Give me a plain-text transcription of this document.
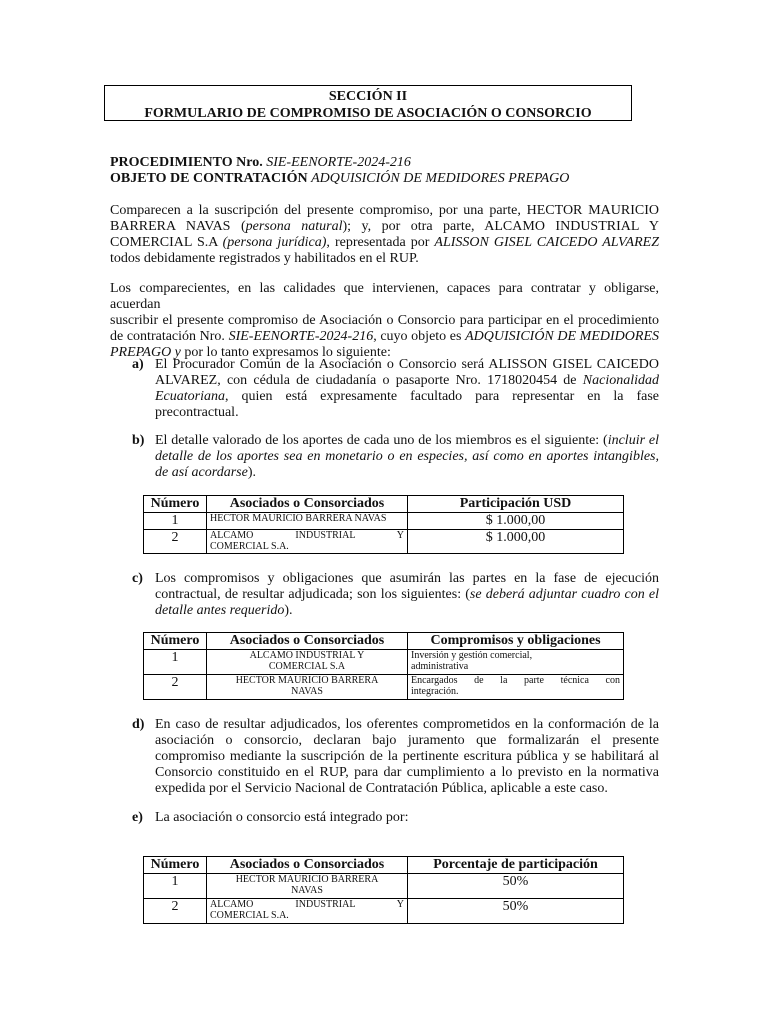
SECCIÓN II
FORMULARIO DE COMPROMISO DE ASOCIACIÓN O CONSORCIO
PROCEDIMIENTO Nro. SIE-EENORTE-2024-216
OBJETO DE CONTRATACIÓN ADQUISICIÓN DE MEDIDORES PREPAGO
Comparecen a la suscripción del presente compromiso, por una parte, HECTOR MAURICIO
BARRERA NAVAS (persona natural); y, por otra parte, ALCAMO INDUSTRIAL Y
COMERCIAL S.A (persona jurídica), representada por ALISSON GISEL CAICEDO ALVAREZ
todos debidamente registrados y habilitados en el RUP.
Los comparecientes, en las calidades que intervienen, capaces para contratar y obligarse, acuerdan
suscribir el presente compromiso de Asociación o Consorcio para participar en el procedimiento
de contratación Nro. SIE-EENORTE-2024-216, cuyo objeto es ADQUISICIÓN DE MEDIDORES
PREPAGO y por lo tanto expresamos lo siguiente:
a) El Procurador Común de la Asociación o Consorcio será ALISSON GISEL CAICEDO
ALVAREZ, con cédula de ciudadanía o pasaporte Nro. 1718020454 de Nacionalidad
Ecuatoriana, quien está expresamente facultado para representar en la fase
precontractual.
b) El detalle valorado de los aportes de cada uno de los miembros es el siguiente: (incluir el
detalle de los aportes sea en monetario o en especies, así como en aportes intangibles,
de así acordarse).
Número	Asociados o Consorciados	Participación USD
1	HECTOR MAURICIO BARRERA NAVAS	$ 1.000,00
2	ALCAMO INDUSTRIAL Y
COMERCIAL S.A.	$ 1.000,00
c) Los compromisos y obligaciones que asumirán las partes en la fase de ejecución
contractual, de resultar adjudicada; son los siguientes: (se deberá adjuntar cuadro con el
detalle antes requerido).
Número	Asociados o Consorciados	Compromisos y obligaciones
1	ALCAMO INDUSTRIAL Y
COMERCIAL S.A	Inversión y gestión comercial,
administrativa

2	HECTOR MAURICIO BARRERA
NAVAS	Encargados de la parte técnica con
integración.
d) En caso de resultar adjudicados, los oferentes comprometidos en la conformación de la
asociación o consorcio, declaran bajo juramento que formalizarán el presente
compromiso mediante la suscripción de la pertinente escritura pública y se habilitará al
Consorcio constituido en el RUP, para dar cumplimiento a lo previsto en la normativa
expedida por el Servicio Nacional de Contratación Pública, aplicable a este caso.
e) La asociación o consorcio está integrado por:
Número	Asociados o Consorciados	Porcentaje de participación
1	HECTOR MAURICIO BARRERA
NAVAS	50%
2	ALCAMO INDUSTRIAL Y
COMERCIAL S.A.	50%
